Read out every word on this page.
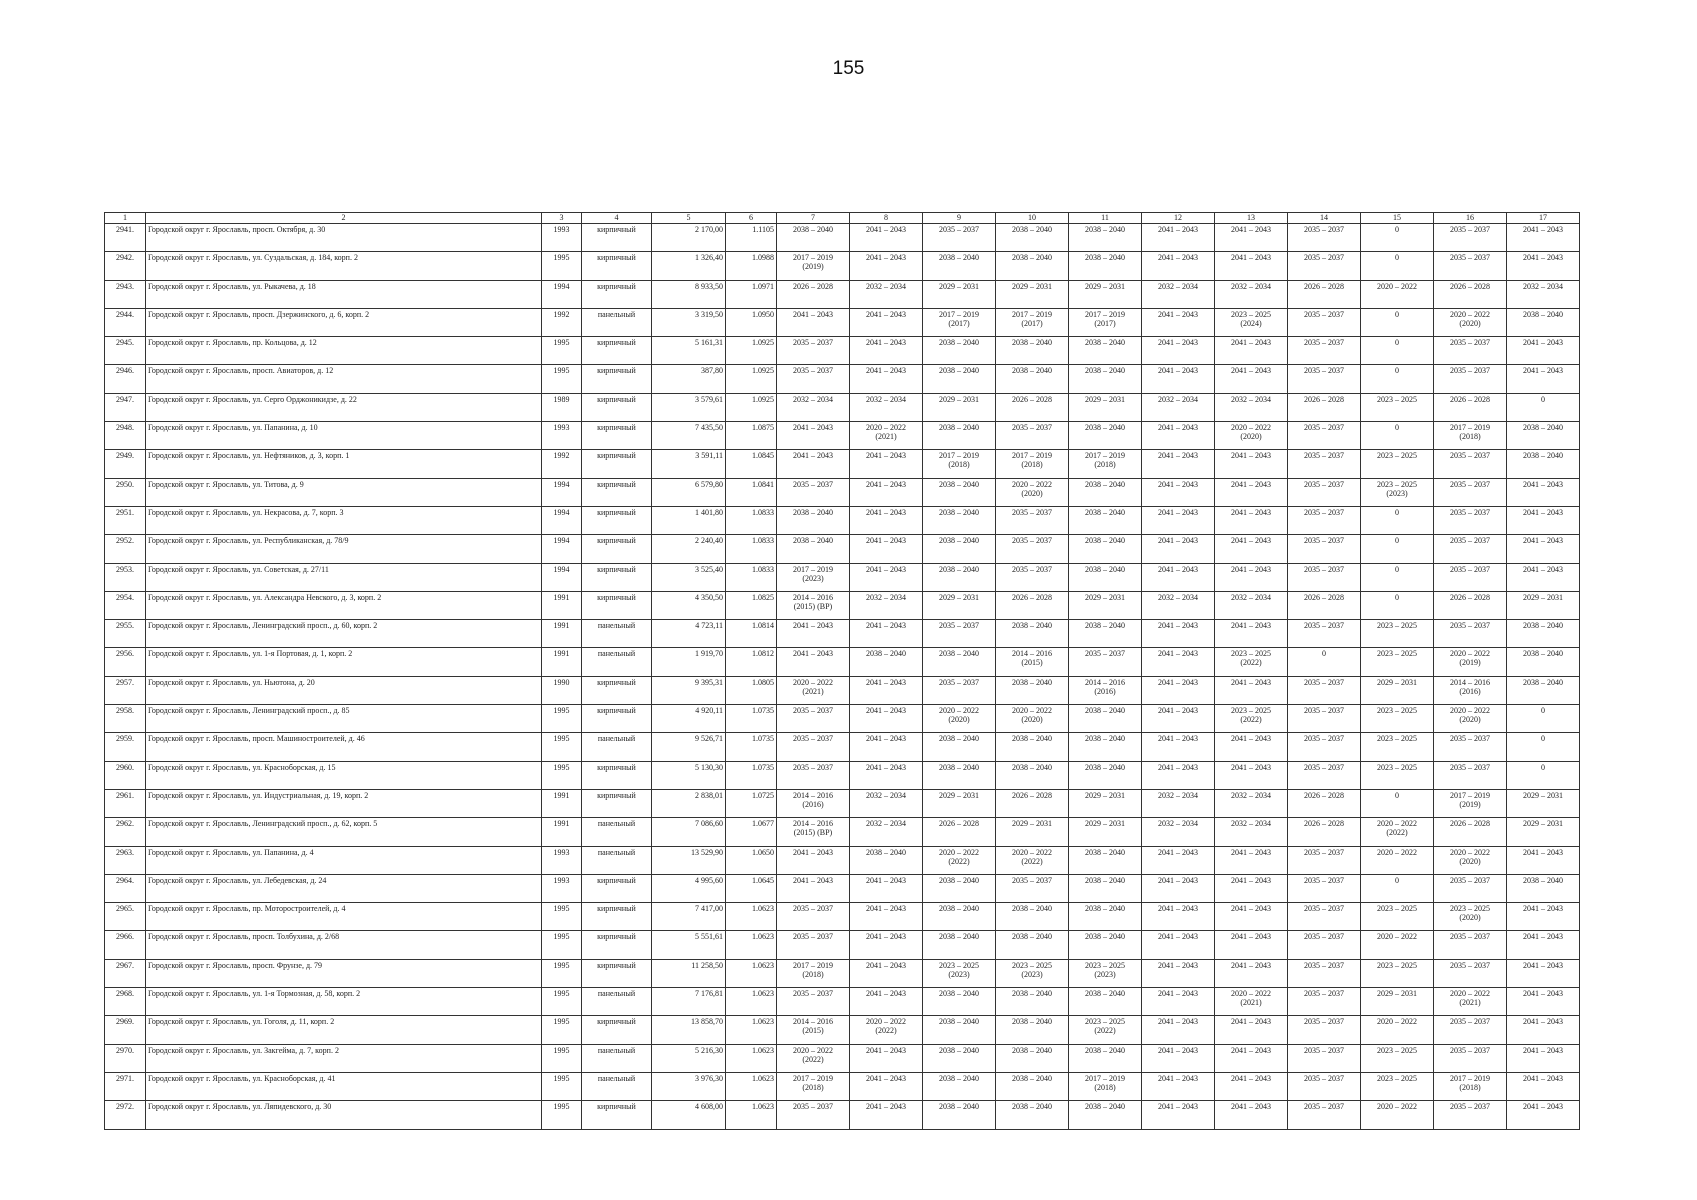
155
1	2	3	4	5	6	7	8	9	10	11	12	13	14	15	16	17
2941.	Городской округ г. Ярославль, просп. Октября, д. 30	1993	кирпичный	2 170,00	1.1105	2038 – 2040	2041 – 2043	2035 – 2037	2038 – 2040	2038 – 2040	2041 – 2043	2041 – 2043	2035 – 2037	0	2035 – 2037	2041 – 2043
2942.	Городской округ г. Ярославль, ул. Суздальская, д. 184, корп. 2	1995	кирпичный	1 326,40	1.0988	2017 – 2019
(2019)	2041 – 2043	2038 – 2040	2038 – 2040	2038 – 2040	2041 – 2043	2041 – 2043	2035 – 2037	0	2035 – 2037	2041 – 2043
2943.	Городской округ г. Ярославль, ул. Рыкачева, д. 18	1994	кирпичный	8 933,50	1.0971	2026 – 2028	2032 – 2034	2029 – 2031	2029 – 2031	2029 – 2031	2032 – 2034	2032 – 2034	2026 – 2028	2020 – 2022	2026 – 2028	2032 – 2034
2944.	Городской округ г. Ярославль, просп. Дзержинского, д. 6, корп. 2	1992	панельный	3 319,50	1.0950	2041 – 2043	2041 – 2043	2017 – 2019
(2017)	2017 – 2019
(2017)	2017 – 2019
(2017)	2041 – 2043	2023 – 2025
(2024)	2035 – 2037	0	2020 – 2022
(2020)	2038 – 2040
2945.	Городской округ г. Ярославль, пр. Кольцова, д. 12	1995	кирпичный	5 161,31	1.0925	2035 – 2037	2041 – 2043	2038 – 2040	2038 – 2040	2038 – 2040	2041 – 2043	2041 – 2043	2035 – 2037	0	2035 – 2037	2041 – 2043
2946.	Городской округ г. Ярославль, просп. Авиаторов, д. 12	1995	кирпичный	387,80	1.0925	2035 – 2037	2041 – 2043	2038 – 2040	2038 – 2040	2038 – 2040	2041 – 2043	2041 – 2043	2035 – 2037	0	2035 – 2037	2041 – 2043
2947.	Городской округ г. Ярославль, ул. Серго Орджоникидзе, д. 22	1989	кирпичный	3 579,61	1.0925	2032 – 2034	2032 – 2034	2029 – 2031	2026 – 2028	2029 – 2031	2032 – 2034	2032 – 2034	2026 – 2028	2023 – 2025	2026 – 2028	0
2948.	Городской округ г. Ярославль, ул. Папанина, д. 10	1993	кирпичный	7 435,50	1.0875	2041 – 2043	2020 – 2022
(2021)	2038 – 2040	2035 – 2037	2038 – 2040	2041 – 2043	2020 – 2022
(2020)	2035 – 2037	0	2017 – 2019
(2018)	2038 – 2040
2949.	Городской округ г. Ярославль, ул. Нефтяников, д. 3, корп. 1	1992	кирпичный	3 591,11	1.0845	2041 – 2043	2041 – 2043	2017 – 2019
(2018)	2017 – 2019
(2018)	2017 – 2019
(2018)	2041 – 2043	2041 – 2043	2035 – 2037	2023 – 2025	2035 – 2037	2038 – 2040
2950.	Городской округ г. Ярославль, ул. Титова, д. 9	1994	кирпичный	6 579,80	1.0841	2035 – 2037	2041 – 2043	2038 – 2040	2020 – 2022
(2020)	2038 – 2040	2041 – 2043	2041 – 2043	2035 – 2037	2023 – 2025
(2023)	2035 – 2037	2041 – 2043
2951.	Городской округ г. Ярославль, ул. Некрасова, д. 7, корп. 3	1994	кирпичный	1 401,80	1.0833	2038 – 2040	2041 – 2043	2038 – 2040	2035 – 2037	2038 – 2040	2041 – 2043	2041 – 2043	2035 – 2037	0	2035 – 2037	2041 – 2043
2952.	Городской округ г. Ярославль, ул. Республиканская, д. 78/9	1994	кирпичный	2 240,40	1.0833	2038 – 2040	2041 – 2043	2038 – 2040	2035 – 2037	2038 – 2040	2041 – 2043	2041 – 2043	2035 – 2037	0	2035 – 2037	2041 – 2043
2953.	Городской округ г. Ярославль, ул. Советская, д. 27/11	1994	кирпичный	3 525,40	1.0833	2017 – 2019
(2023)	2041 – 2043	2038 – 2040	2035 – 2037	2038 – 2040	2041 – 2043	2041 – 2043	2035 – 2037	0	2035 – 2037	2041 – 2043
2954.	Городской округ г. Ярославль, ул. Александра Невского, д. 3, корп. 2	1991	кирпичный	4 350,50	1.0825	2014 – 2016
(2015) (ВР)	2032 – 2034	2029 – 2031	2026 – 2028	2029 – 2031	2032 – 2034	2032 – 2034	2026 – 2028	0	2026 – 2028	2029 – 2031
2955.	Городской округ г. Ярославль, Ленинградский просп., д. 60, корп. 2	1991	панельный	4 723,11	1.0814	2041 – 2043	2041 – 2043	2035 – 2037	2038 – 2040	2038 – 2040	2041 – 2043	2041 – 2043	2035 – 2037	2023 – 2025	2035 – 2037	2038 – 2040
2956.	Городской округ г. Ярославль, ул. 1-я Портовая, д. 1, корп. 2	1991	панельный	1 919,70	1.0812	2041 – 2043	2038 – 2040	2038 – 2040	2014 – 2016
(2015)	2035 – 2037	2041 – 2043	2023 – 2025
(2022)	0	2023 – 2025	2020 – 2022
(2019)	2038 – 2040
2957.	Городской округ г. Ярославль, ул. Ньютона, д. 20	1990	кирпичный	9 395,31	1.0805	2020 – 2022
(2021)	2041 – 2043	2035 – 2037	2038 – 2040	2014 – 2016
(2016)	2041 – 2043	2041 – 2043	2035 – 2037	2029 – 2031	2014 – 2016
(2016)	2038 – 2040
2958.	Городской округ г. Ярославль, Ленинградский просп., д. 85	1995	кирпичный	4 920,11	1.0735	2035 – 2037	2041 – 2043	2020 – 2022
(2020)	2020 – 2022
(2020)	2038 – 2040	2041 – 2043	2023 – 2025
(2022)	2035 – 2037	2023 – 2025	2020 – 2022
(2020)	0
2959.	Городской округ г. Ярославль, просп. Машиностроителей, д. 46	1995	панельный	9 526,71	1.0735	2035 – 2037	2041 – 2043	2038 – 2040	2038 – 2040	2038 – 2040	2041 – 2043	2041 – 2043	2035 – 2037	2023 – 2025	2035 – 2037	0
2960.	Городской округ г. Ярославль, ул. Красноборская, д. 15	1995	кирпичный	5 130,30	1.0735	2035 – 2037	2041 – 2043	2038 – 2040	2038 – 2040	2038 – 2040	2041 – 2043	2041 – 2043	2035 – 2037	2023 – 2025	2035 – 2037	0
2961.	Городской округ г. Ярославль, ул. Индустриальная, д. 19, корп. 2	1991	кирпичный	2 838,01	1.0725	2014 – 2016
(2016)	2032 – 2034	2029 – 2031	2026 – 2028	2029 – 2031	2032 – 2034	2032 – 2034	2026 – 2028	0	2017 – 2019
(2019)	2029 – 2031
2962.	Городской округ г. Ярославль, Ленинградский просп., д. 62, корп. 5	1991	панельный	7 086,60	1.0677	2014 – 2016
(2015) (ВР)	2032 – 2034	2026 – 2028	2029 – 2031	2029 – 2031	2032 – 2034	2032 – 2034	2026 – 2028	2020 – 2022
(2022)	2026 – 2028	2029 – 2031
2963.	Городской округ г. Ярославль, ул. Папанина, д. 4	1993	панельный	13 529,90	1.0650	2041 – 2043	2038 – 2040	2020 – 2022
(2022)	2020 – 2022
(2022)	2038 – 2040	2041 – 2043	2041 – 2043	2035 – 2037	2020 – 2022	2020 – 2022
(2020)	2041 – 2043
2964.	Городской округ г. Ярославль, ул. Лебедевская, д. 24	1993	кирпичный	4 995,60	1.0645	2041 – 2043	2041 – 2043	2038 – 2040	2035 – 2037	2038 – 2040	2041 – 2043	2041 – 2043	2035 – 2037	0	2035 – 2037	2038 – 2040
2965.	Городской округ г. Ярославль, пр. Моторостроителей, д. 4	1995	кирпичный	7 417,00	1.0623	2035 – 2037	2041 – 2043	2038 – 2040	2038 – 2040	2038 – 2040	2041 – 2043	2041 – 2043	2035 – 2037	2023 – 2025	2023 – 2025
(2020)	2041 – 2043
2966.	Городской округ г. Ярославль, просп. Толбухина, д. 2/68	1995	кирпичный	5 551,61	1.0623	2035 – 2037	2041 – 2043	2038 – 2040	2038 – 2040	2038 – 2040	2041 – 2043	2041 – 2043	2035 – 2037	2020 – 2022	2035 – 2037	2041 – 2043
2967.	Городской округ г. Ярославль, просп. Фрунзе, д. 79	1995	кирпичный	11 258,50	1.0623	2017 – 2019
(2018)	2041 – 2043	2023 – 2025
(2023)	2023 – 2025
(2023)	2023 – 2025
(2023)	2041 – 2043	2041 – 2043	2035 – 2037	2023 – 2025	2035 – 2037	2041 – 2043
2968.	Городской округ г. Ярославль, ул. 1-я Тормозная, д. 58, корп. 2	1995	панельный	7 176,81	1.0623	2035 – 2037	2041 – 2043	2038 – 2040	2038 – 2040	2038 – 2040	2041 – 2043	2020 – 2022
(2021)	2035 – 2037	2029 – 2031	2020 – 2022
(2021)	2041 – 2043
2969.	Городской округ г. Ярославль, ул. Гоголя, д. 11, корп. 2	1995	кирпичный	13 858,70	1.0623	2014 – 2016
(2015)	2020 – 2022
(2022)	2038 – 2040	2038 – 2040	2023 – 2025
(2022)	2041 – 2043	2041 – 2043	2035 – 2037	2020 – 2022	2035 – 2037	2041 – 2043
2970.	Городской округ г. Ярославль, ул. Закгейма, д. 7, корп. 2	1995	панельный	5 216,30	1.0623	2020 – 2022
(2022)	2041 – 2043	2038 – 2040	2038 – 2040	2038 – 2040	2041 – 2043	2041 – 2043	2035 – 2037	2023 – 2025	2035 – 2037	2041 – 2043
2971.	Городской округ г. Ярославль, ул. Красноборская, д. 41	1995	панельный	3 976,30	1.0623	2017 – 2019
(2018)	2041 – 2043	2038 – 2040	2038 – 2040	2017 – 2019
(2018)	2041 – 2043	2041 – 2043	2035 – 2037	2023 – 2025	2017 – 2019
(2018)	2041 – 2043
2972.	Городской округ г. Ярославль, ул. Ляпидевского, д. 30	1995	кирпичный	4 608,00	1.0623	2035 – 2037	2041 – 2043	2038 – 2040	2038 – 2040	2038 – 2040	2041 – 2043	2041 – 2043	2035 – 2037	2020 – 2022	2035 – 2037	2041 – 2043
